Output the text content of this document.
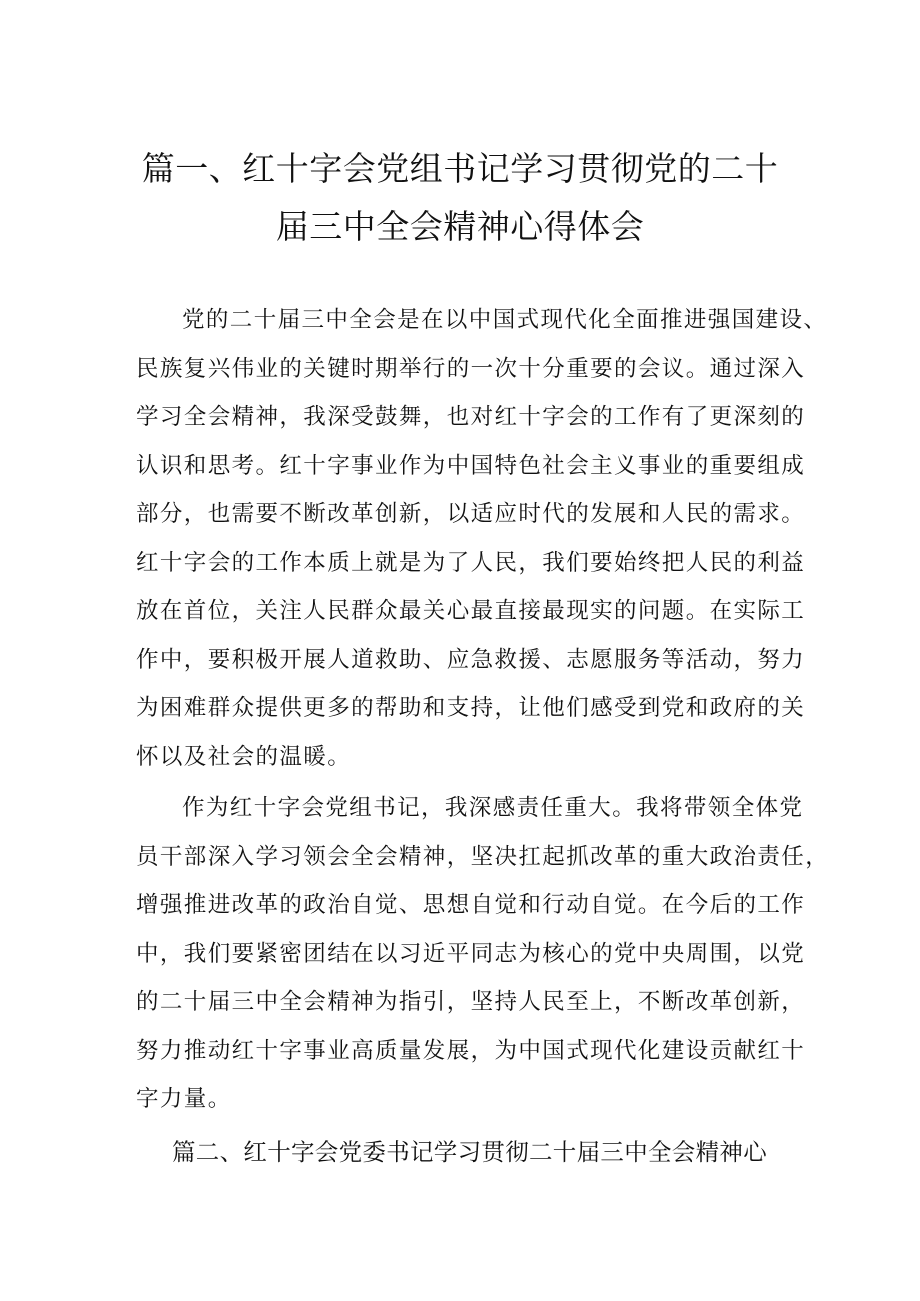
篇一、红十字会党组书记学习贯彻党的二十
届三中全会精神心得体会
党的二十届三中全会是在以中国式现代化全面推进强国建设、
民族复兴伟业的关键时期举行的一次十分重要的会议。通过深入
学习全会精神，我深受鼓舞，也对红十字会的工作有了更深刻的
认识和思考。红十字事业作为中国特色社会主义事业的重要组成
部分，也需要不断改革创新，以适应时代的发展和人民的需求。
红十字会的工作本质上就是为了人民，我们要始终把人民的利益
放在首位，关注人民群众最关心最直接最现实的问题。在实际工
作中，要积极开展人道救助、应急救援、志愿服务等活动，努力
为困难群众提供更多的帮助和支持，让他们感受到党和政府的关
怀以及社会的温暖。
作为红十字会党组书记，我深感责任重大。我将带领全体党
员干部深入学习领会全会精神，坚决扛起抓改革的重大政治责任，
增强推进改革的政治自觉、思想自觉和行动自觉。在今后的工作
中，我们要紧密团结在以习近平同志为核心的党中央周围，以党
的二十届三中全会精神为指引，坚持人民至上，不断改革创新，
努力推动红十字事业高质量发展，为中国式现代化建设贡献红十
字力量。
篇二、红十字会党委书记学习贯彻二十届三中全会精神心
